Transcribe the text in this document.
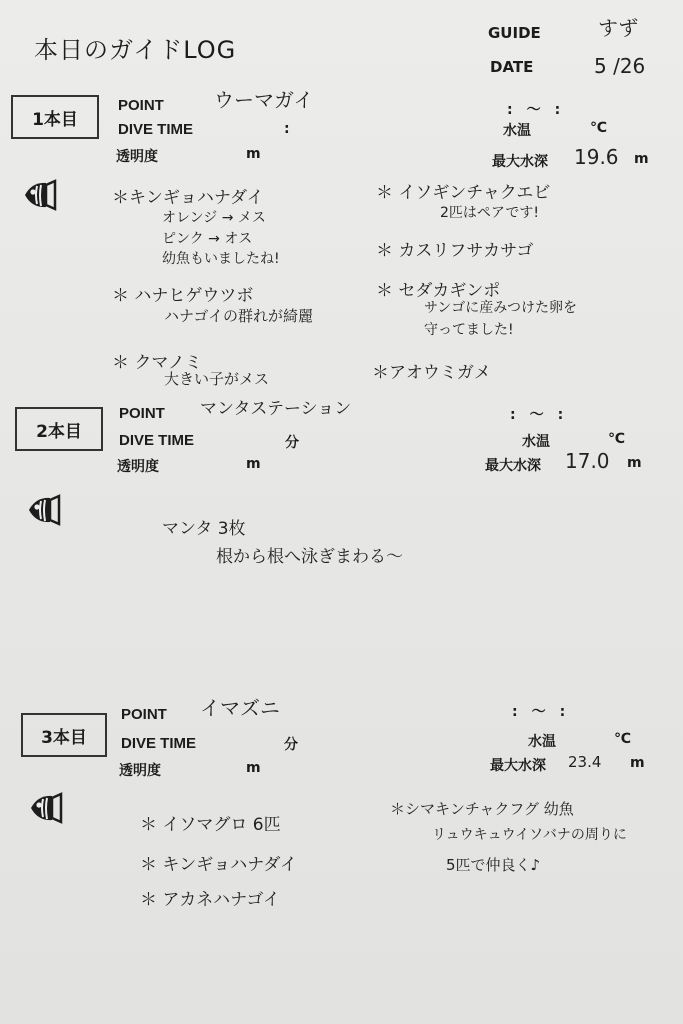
本日のガイドLOG
GUIDE	すず
DATE	5 /26
1本目
POINT	ウーマガイ
DIVE TIME	:
:　～　:
水温	℃
透明度	m	最大水深 19.6 m
＊キンギョハナダイ
オレンジ → メス
ピンク → オス
幼魚もいましたね!
＊ ハナヒゲウツボ
ハナゴイの群れが綺麗
＊ クマノミ
大きい子がメス
＊ イソギンチャクエビ
2匹はペアです!
＊ カスリフサカサゴ
＊ セダカギンポ
サンゴに産みつけた卵を
守ってました!
＊アオウミガメ
2本目
POINT マンタステーション
DIVE TIME	分
:　～　:
水温	℃
透明度	m	最大水深 17.0 m
マンタ 3枚
根から根へ泳ぎまわる～
3本目
POINT イマズニ
DIVE TIME	分
:　～　:
水温	℃
透明度	m	最大水深 23.4 m
＊ イソマグロ 6匹
＊ キンギョハナダイ
＊ アカネハナゴイ
＊シマキンチャクフグ 幼魚
リュウキュウイソバナの周りに
5匹で仲良く♪
